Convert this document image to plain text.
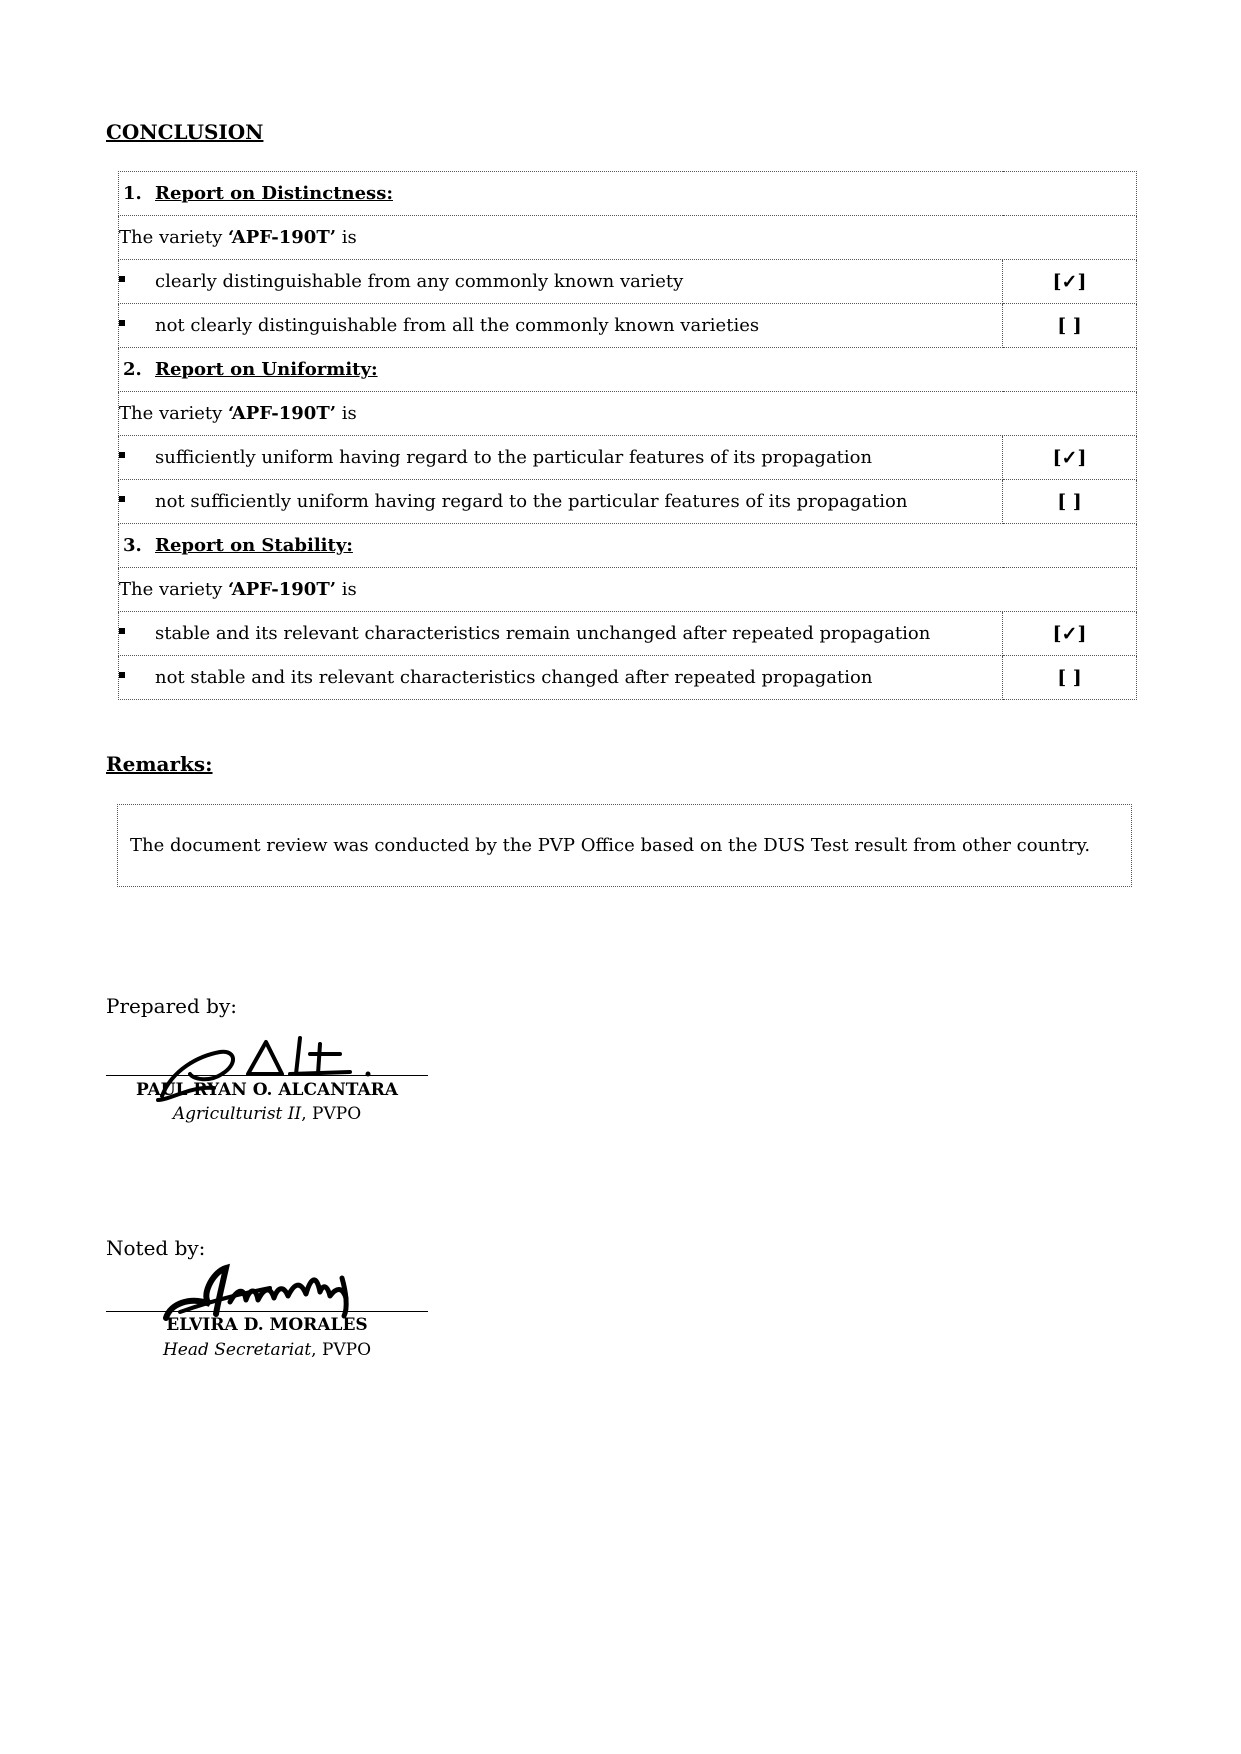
CONCLUSION
1. Report on Distinctness:	
The variety ‘APF-190T’ is	
clearly distinguishable from any commonly known variety	[✓]
not clearly distinguishable from all the commonly known varieties	[ ]
2. Report on Uniformity:	
The variety ‘APF-190T’ is	
sufficiently uniform having regard to the particular features of its propagation	[✓]
not sufficiently uniform having regard to the particular features of its propagation	[ ]
3. Report on Stability:	
The variety ‘APF-190T’ is	
stable and its relevant characteristics remain unchanged after repeated propagation	[✓]
not stable and its relevant characteristics changed after repeated propagation	[ ]
Remarks:
The document review was conducted by the PVP Office based on the DUS Test result from other country.
Prepared by:
PAUL RYAN O. ALCANTARA
Agriculturist II, PVPO
Noted by:
ELVIRA D. MORALES
Head Secretariat, PVPO
